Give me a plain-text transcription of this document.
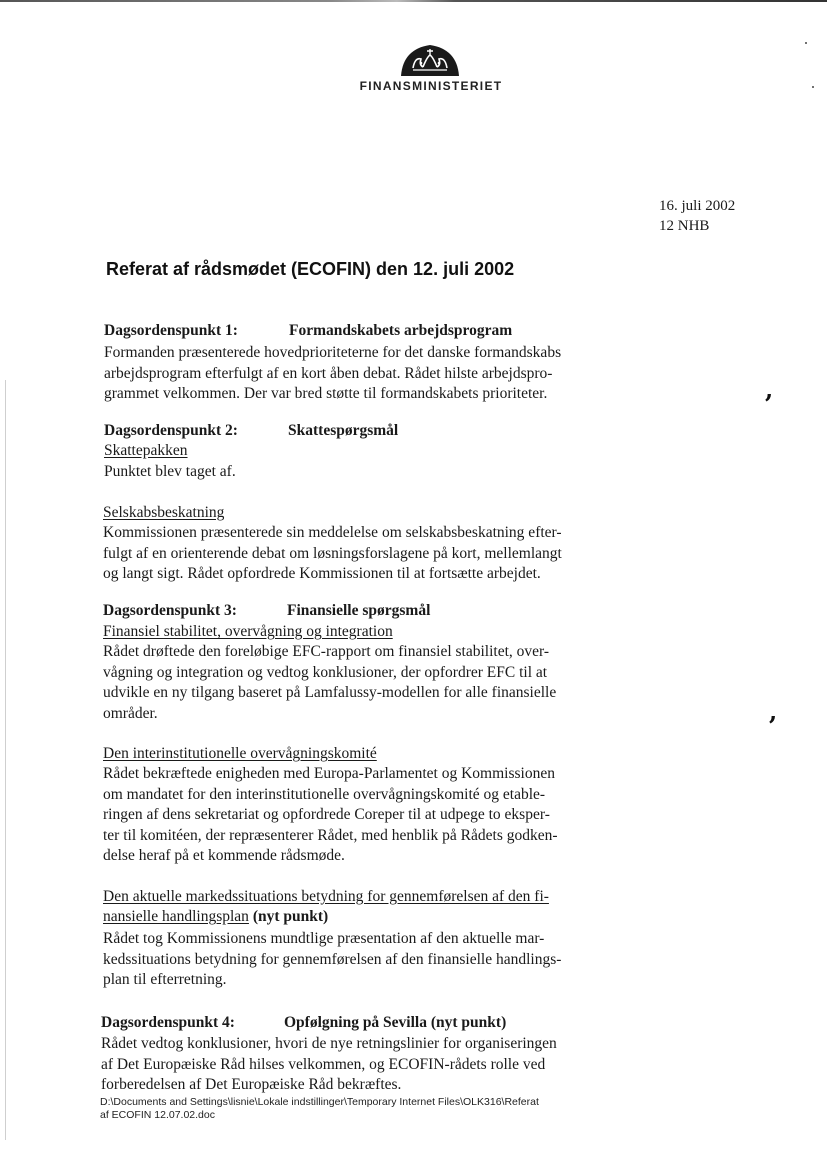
FINANSMINISTERIET
16. juli 2002
12 NHB
Referat af rådsmødet (ECOFIN) den 12. juli 2002
Dagsordenspunkt 1:	Formandskabets arbejdsprogram

Formanden præsenterede hovedprioriteterne for det danske formandskabs
arbejdsprogram efterfulgt af en kort åben debat. Rådet hilste arbejdspro-
grammet velkommen. Der var bred støtte til formandskabets prioriteter.

Dagsordenspunkt 2:	Skattespørgsmål
Skattepakken

Punktet blev taget af.

Selskabsbeskatning

Kommissionen præsenterede sin meddelelse om selskabsbeskatning efter-
fulgt af en orienterende debat om løsningsforslagene på kort, mellemlangt
og langt sigt. Rådet opfordrede Kommissionen til at fortsætte arbejdet.

Dagsordenspunkt 3:	Finansielle spørgsmål
Finansiel stabilitet, overvågning og integration

Rådet drøftede den foreløbige EFC-rapport om finansiel stabilitet, over-
vågning og integration og vedtog konklusioner, der opfordrer EFC til at
udvikle en ny tilgang baseret på Lamfalussy-modellen for alle finansielle
områder.

Den interinstitutionelle overvågningskomité

Rådet bekræftede enigheden med Europa-Parlamentet og Kommissionen
om mandatet for den interinstitutionelle overvågningskomité og etable-
ringen af dens sekretariat og opfordrede Coreper til at udpege to eksper-
ter til komitéen, der repræsenterer Rådet, med henblik på Rådets godken-
delse heraf på et kommende rådsmøde.

Den aktuelle markedssituations betydning for gennemførelsen af den fi-
nansielle handlingsplan (nyt punkt)

Rådet tog Kommissionens mundtlige præsentation af den aktuelle mar-
kedssituations betydning for gennemførelsen af den finansielle handlings-
plan til efterretning.

Dagsordenspunkt 4:	Opfølgning på Sevilla (nyt punkt)

Rådet vedtog konklusioner, hvori de nye retningslinier for organiseringen
af Det Europæiske Råd hilses velkommen, og ECOFIN-rådets rolle ved
forberedelsen af Det Europæiske Råd bekræftes.

D:\Documents and Settings\lisnie\Lokale indstillinger\Temporary Internet Files\OLK316\Referat
af ECOFIN 12.07.02.doc
’
’
